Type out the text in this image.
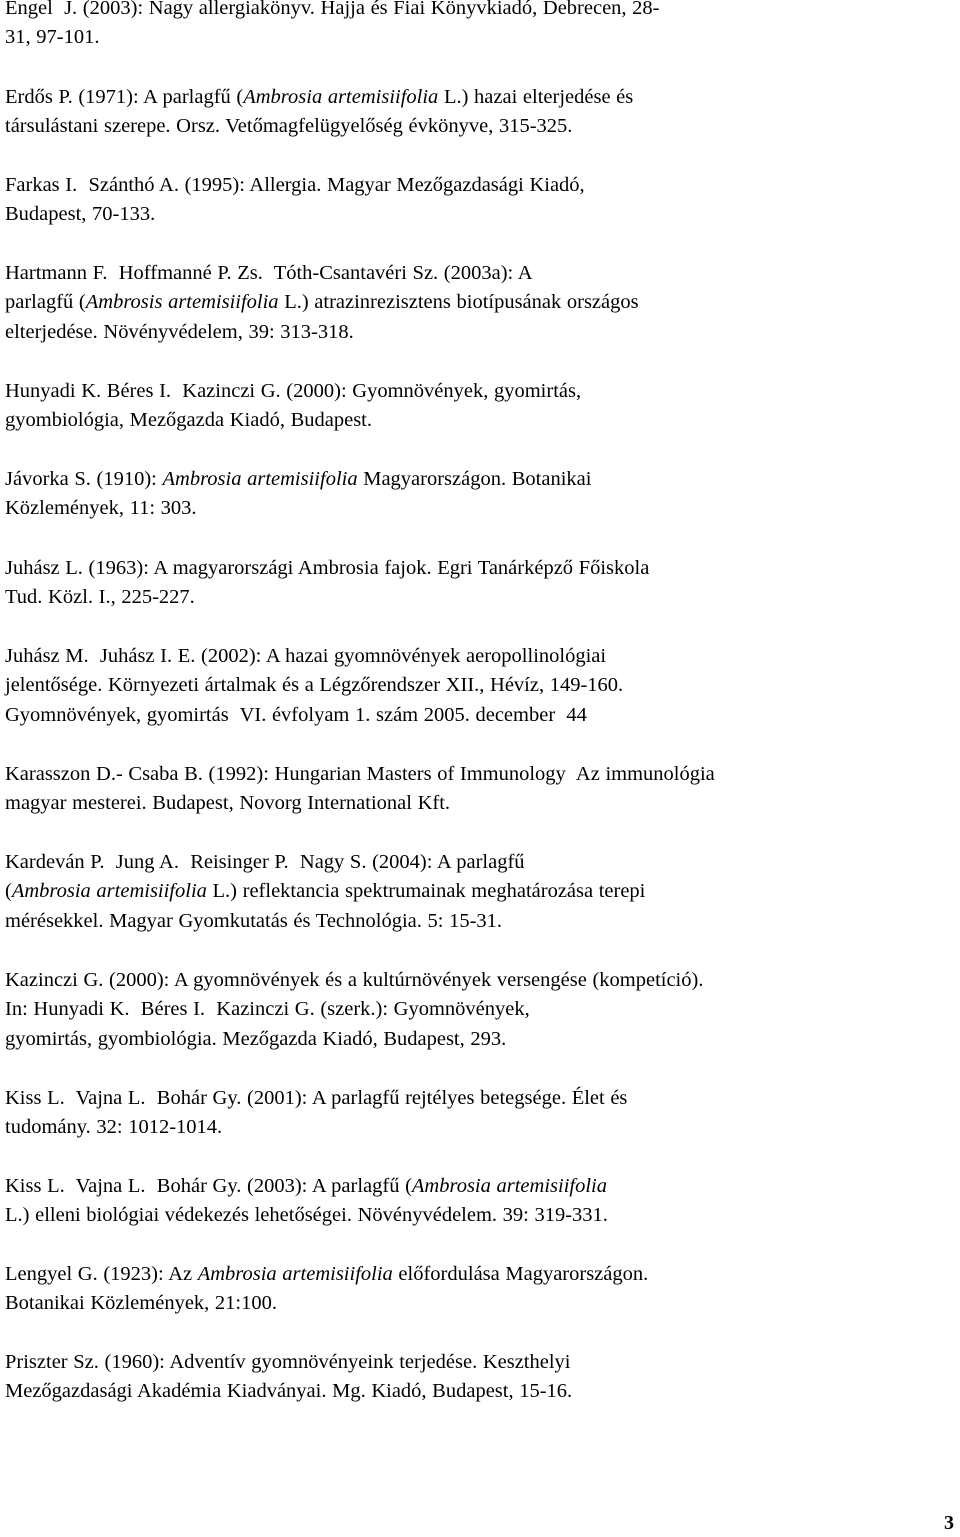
Engel  J. (2003): Nagy allergiakönyv. Hajja és Fiai Könyvkiadó, Debrecen, 28-
31, 97-101.
Erdős P. (1971): A parlagfű (Ambrosia artemisiifolia L.) hazai elterjedése és
társulástani szerepe. Orsz. Vetőmagfelügyelőség évkönyve, 315-325.
Farkas I.  Szánthó A. (1995): Allergia. Magyar Mezőgazdasági Kiadó,
Budapest, 70-133.
Hartmann F.  Hoffmanné P. Zs.  Tóth-Csantavéri Sz. (2003a): A
parlagfű (Ambrosis artemisiifolia L.) atrazinrezisztens biotípusának országos
elterjedése. Növényvédelem, 39: 313-318.
Hunyadi K. Béres I.  Kazinczi G. (2000): Gyomnövények, gyomirtás,
gyombiológia, Mezőgazda Kiadó, Budapest.
Jávorka S. (1910): Ambrosia artemisiifolia Magyarországon. Botanikai
Közlemények, 11: 303.
Juhász L. (1963): A magyarországi Ambrosia fajok. Egri Tanárképző Főiskola
Tud. Közl. I., 225-227.
Juhász M.  Juhász I. E. (2002): A hazai gyomnövények aeropollinológiai
jelentősége. Környezeti ártalmak és a Légzőrendszer XII., Hévíz, 149-160.
Gyomnövények, gyomirtás  VI. évfolyam 1. szám 2005. december  44
Karasszon D.- Csaba B. (1992): Hungarian Masters of Immunology  Az immunológia
magyar mesterei. Budapest, Novorg International Kft.
Kardeván P.  Jung A.  Reisinger P.  Nagy S. (2004): A parlagfű
(Ambrosia artemisiifolia L.) reflektancia spektrumainak meghatározása terepi
mérésekkel. Magyar Gyomkutatás és Technológia. 5: 15-31.
Kazinczi G. (2000): A gyomnövények és a kultúrnövények versengése (kompetíció).
In: Hunyadi K.  Béres I.  Kazinczi G. (szerk.): Gyomnövények,
gyomirtás, gyombiológia. Mezőgazda Kiadó, Budapest, 293.
Kiss L.  Vajna L.  Bohár Gy. (2001): A parlagfű rejtélyes betegsége. Élet és
tudomány. 32: 1012-1014.
Kiss L.  Vajna L.  Bohár Gy. (2003): A parlagfű (Ambrosia artemisiifolia
L.) elleni biológiai védekezés lehetőségei. Növényvédelem. 39: 319-331.
Lengyel G. (1923): Az Ambrosia artemisiifolia előfordulása Magyarországon.
Botanikai Közlemények, 21:100.
Priszter Sz. (1960): Adventív gyomnövényeink terjedése. Keszthelyi
Mezőgazdasági Akadémia Kiadványai. Mg. Kiadó, Budapest, 15-16.
3
